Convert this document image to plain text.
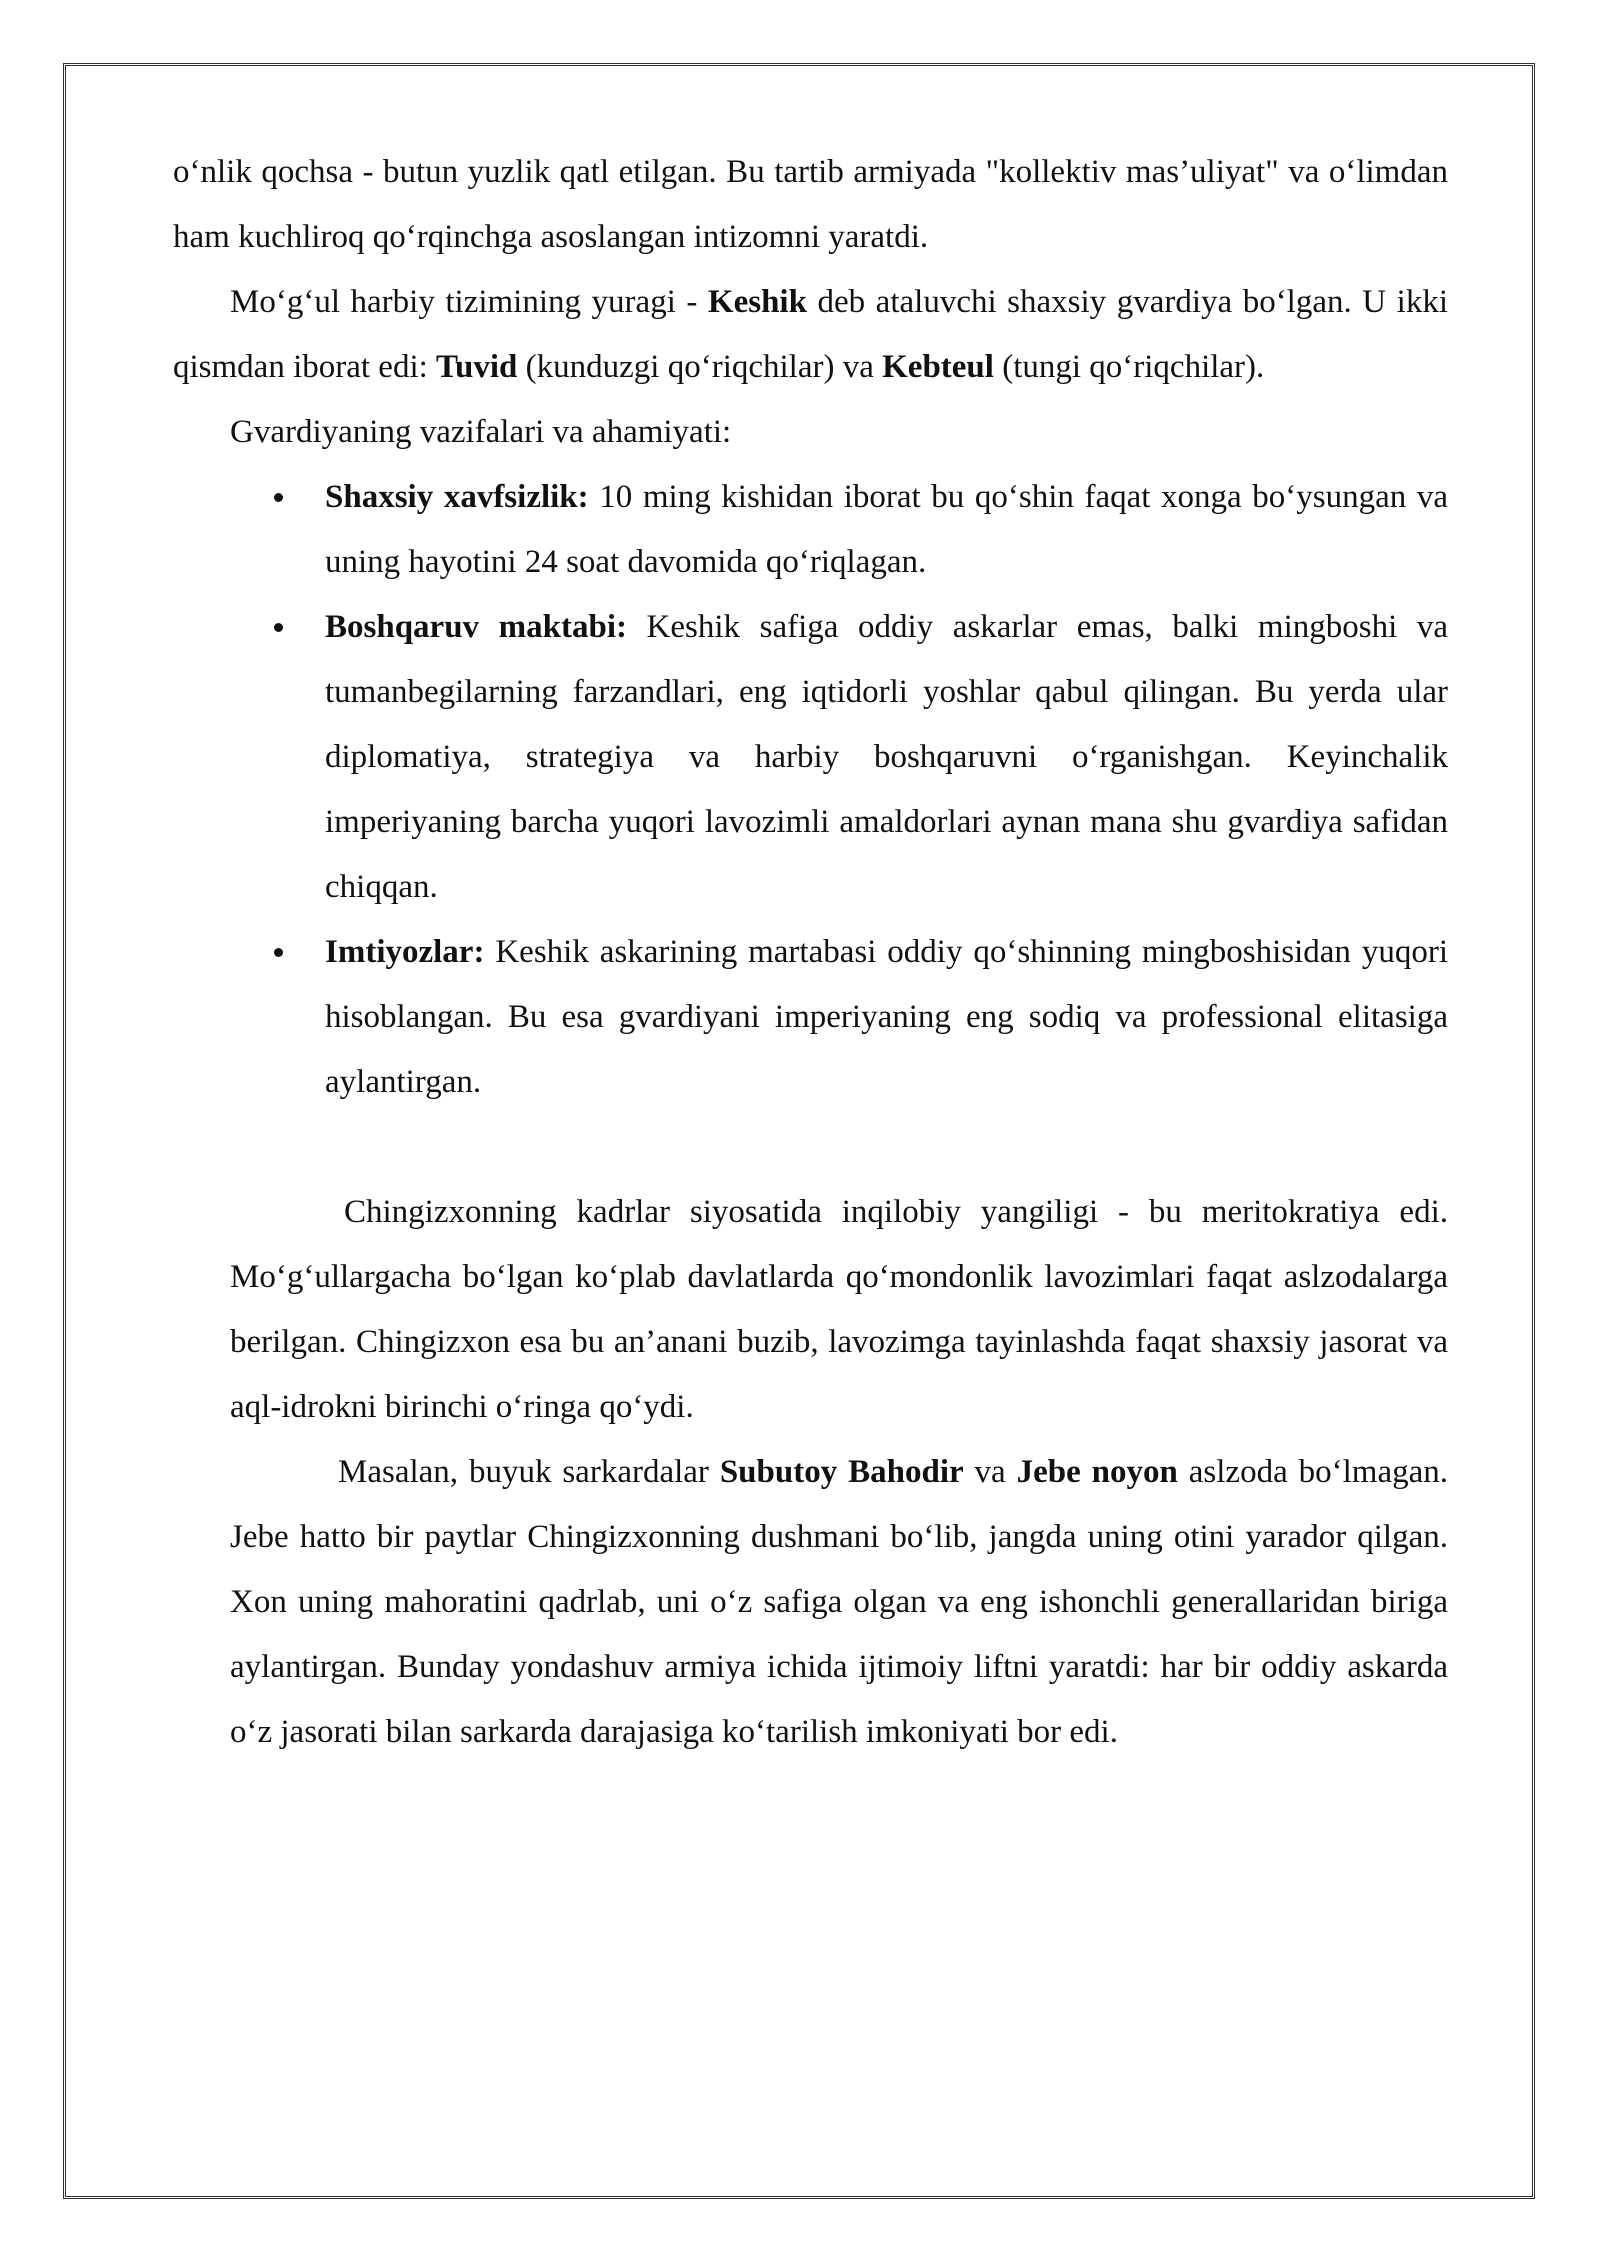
o‘nlik qochsa - butun yuzlik qatl etilgan. Bu tartib armiyada "kollektiv mas’uliyat" va o‘limdan ham kuchliroq qo‘rqinchga asoslangan intizomni yaratdi.

Mo‘g‘ul harbiy tizimining yuragi - Keshik deb ataluvchi shaxsiy gvardiya bo‘lgan. U ikki qismdan iborat edi: Tuvid (kunduzgi qo‘riqchilar) va Kebteul (tungi qo‘riqchilar).

Gvardiyaning vazifalari va ahamiyati:

Shaxsiy xavfsizlik: 10 ming kishidan iborat bu qo‘shin faqat xonga bo‘ysungan va uning hayotini 24 soat davomida qo‘riqlagan.
Boshqaruv maktabi: Keshik safiga oddiy askarlar emas, balki mingboshi va tumanbegilarning farzandlari, eng iqtidorli yoshlar qabul qilingan. Bu yerda ular diplomatiya, strategiya va harbiy boshqaruvni o‘rganishgan. Keyinchalik imperiyaning barcha yuqori lavozimli amaldorlari aynan mana shu gvardiya safidan chiqqan.
Imtiyozlar: Keshik askarining martabasi oddiy qo‘shinning mingboshisidan yuqori hisoblangan. Bu esa gvardiyani imperiyaning eng sodiq va professional elitasiga aylantirgan.

Chingizxonning kadrlar siyosatida inqilobiy yangiligi - bu meritokratiya edi. Mo‘g‘ullargacha bo‘lgan ko‘plab davlatlarda qo‘mondonlik lavozimlari faqat aslzodalarga berilgan. Chingizxon esa bu an’anani buzib, lavozimga tayinlashda faqat shaxsiy jasorat va aql-idrokni birinchi o‘ringa qo‘ydi.

Masalan, buyuk sarkardalar Subutoy Bahodir va Jebe noyon aslzoda bo‘lmagan. Jebe hatto bir paytlar Chingizxonning dushmani bo‘lib, jangda uning otini yarador qilgan. Xon uning mahoratini qadrlab, uni o‘z safiga olgan va eng ishonchli generallaridan biriga aylantirgan. Bunday yondashuv armiya ichida ijtimoiy liftni yaratdi: har bir oddiy askarda o‘z jasorati bilan sarkarda darajasiga ko‘tarilish imkoniyati bor edi.
